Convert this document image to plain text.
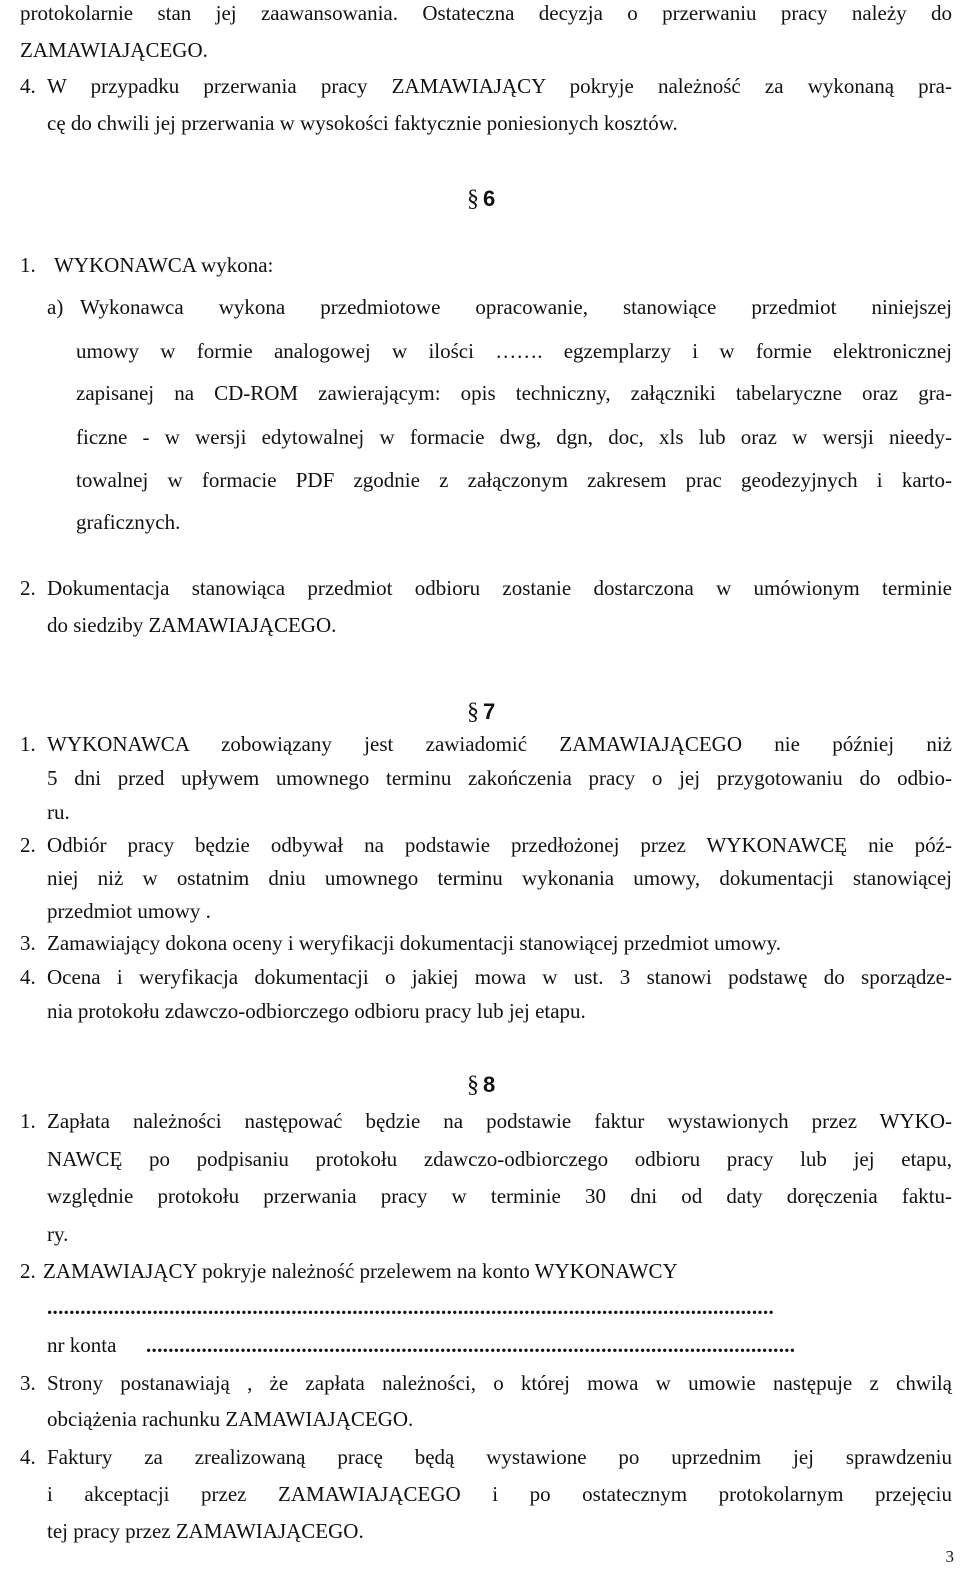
protokolarnie stan jej zaawansowania. Ostateczna decyzja o przerwaniu pracy należy do
ZAMAWIAJĄCEGO.
4. W przypadku przerwania pracy ZAMAWIAJĄCY pokryje należność za wykonaną pra-
cę do chwili jej przerwania w wysokości faktycznie poniesionych kosztów.
§ 6
1. WYKONAWCA wykona:
a) Wykonawca wykona przedmiotowe opracowanie, stanowiące przedmiot niniejszej
umowy w formie analogowej w ilości ……. egzemplarzy i w formie elektronicznej
zapisanej na CD-ROM zawierającym: opis techniczny, załączniki tabelaryczne oraz gra-
ficzne - w wersji edytowalnej w formacie dwg, dgn, doc, xls lub oraz w wersji nieedy-
towalnej w formacie PDF zgodnie z załączonym zakresem prac geodezyjnych i karto-
graficznych.
2. Dokumentacja stanowiąca przedmiot odbioru zostanie dostarczona w umówionym terminie
do siedziby ZAMAWIAJĄCEGO.
§ 7
1. WYKONAWCA zobowiązany jest zawiadomić ZAMAWIAJĄCEGO nie później niż
5 dni przed upływem umownego terminu zakończenia pracy o jej przygotowaniu do odbio-
ru.
2. Odbiór pracy będzie odbywał na podstawie przedłożonej przez WYKONAWCĘ nie póź-
niej niż w ostatnim dniu umownego terminu wykonania umowy, dokumentacji stanowiącej
przedmiot umowy .
3. Zamawiający dokona oceny i weryfikacji dokumentacji stanowiącej przedmiot umowy.
4. Ocena i weryfikacja dokumentacji o jakiej mowa w ust. 3 stanowi podstawę do sporządze-
nia protokołu zdawczo-odbiorczego odbioru pracy lub jej etapu.
§ 8
1. Zapłata należności następować będzie na podstawie faktur wystawionych przez WYKO-
NAWCĘ po podpisaniu protokołu zdawczo-odbiorczego odbioru pracy lub jej etapu,
względnie protokołu przerwania pracy w terminie 30 dni od daty doręczenia faktu-
ry.
2. ZAMAWIAJĄCY pokryje należność przelewem na konto WYKONAWCY
...................................................................................................................................
nr konta .....................................................................................................................
3. Strony postanawiają , że zapłata należności, o której mowa w umowie następuje z chwilą
obciążenia rachunku ZAMAWIAJĄCEGO.
4. Faktury za zrealizowaną pracę będą wystawione po uprzednim jej sprawdzeniu
i akceptacji przez ZAMAWIAJĄCEGO i po ostatecznym protokolarnym przejęciu
tej pracy przez ZAMAWIAJĄCEGO.
3
